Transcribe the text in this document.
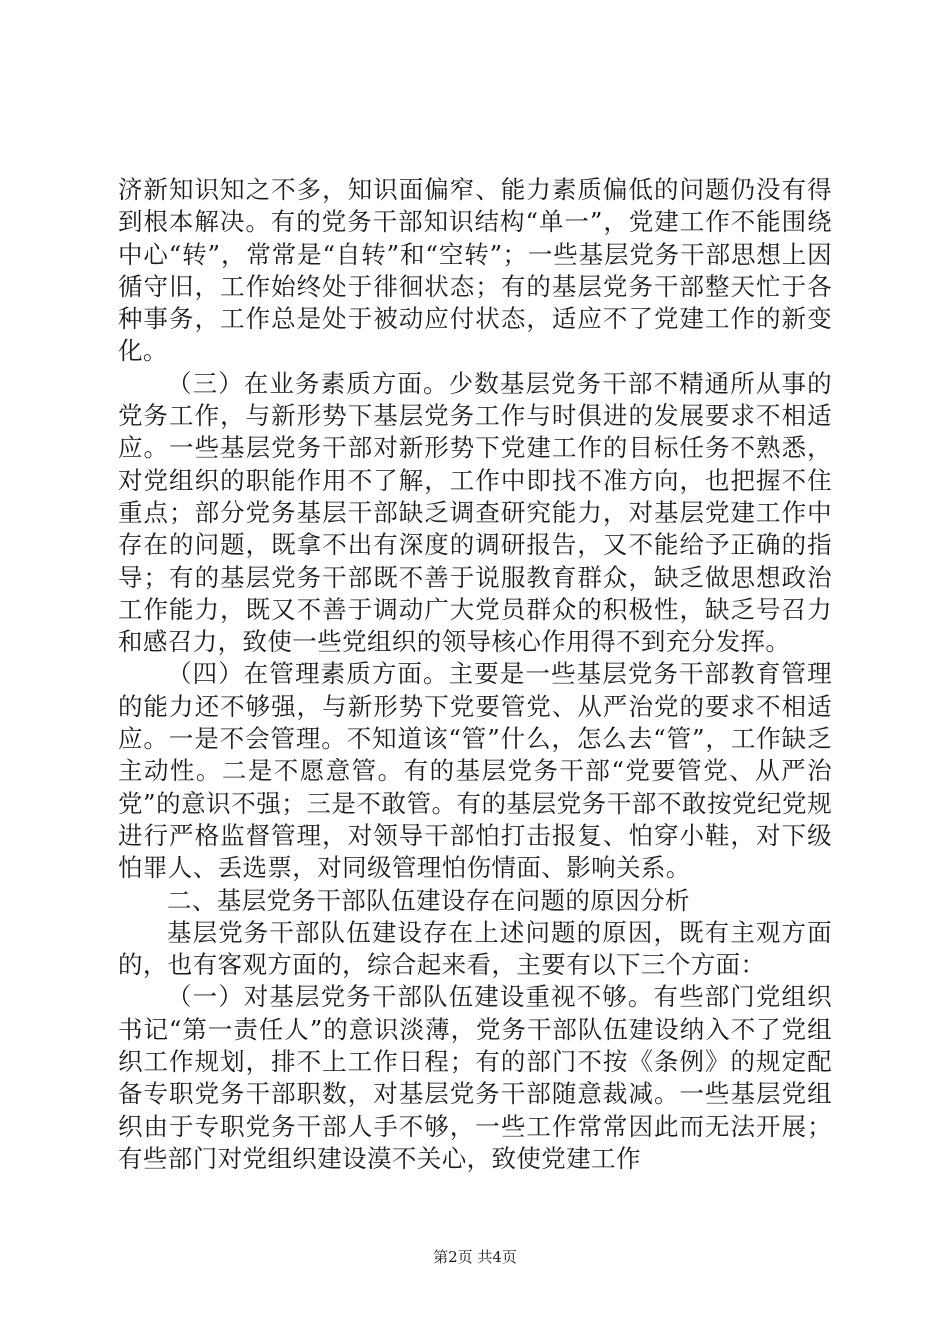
济新知识知之不多，知识面偏窄、能力素质偏低的问题仍没有得到根本解决。有的党务干部知识结构“单一”，党建工作不能围绕中心“转”，常常是“自转”和“空转”；一些基层党务干部思想上因循守旧，工作始终处于徘徊状态；有的基层党务干部整天忙于各种事务，工作总是处于被动应付状态，适应不了党建工作的新变化。

（三）在业务素质方面。少数基层党务干部不精通所从事的党务工作，与新形势下基层党务工作与时俱进的发展要求不相适应。一些基层党务干部对新形势下党建工作的目标任务不熟悉，对党组织的职能作用不了解，工作中即找不准方向，也把握不住重点；部分党务基层干部缺乏调查研究能力，对基层党建工作中存在的问题，既拿不出有深度的调研报告，又不能给予正确的指导；有的基层党务干部既不善于说服教育群众，缺乏做思想政治工作能力，既又不善于调动广大党员群众的积极性，缺乏号召力和感召力，致使一些党组织的领导核心作用得不到充分发挥。

（四）在管理素质方面。主要是一些基层党务干部教育管理的能力还不够强，与新形势下党要管党、从严治党的要求不相适应。一是不会管理。不知道该“管”什么，怎么去“管”，工作缺乏主动性。二是不愿意管。有的基层党务干部“党要管党、从严治党”的意识不强；三是不敢管。有的基层党务干部不敢按党纪党规进行严格监督管理，对领导干部怕打击报复、怕穿小鞋，对下级怕罪人、丢选票，对同级管理怕伤情面、影响关系。

二、基层党务干部队伍建设存在问题的原因分析

基层党务干部队伍建设存在上述问题的原因，既有主观方面的，也有客观方面的，综合起来看，主要有以下三个方面：

（一）对基层党务干部队伍建设重视不够。有些部门党组织书记“第一责任人”的意识淡薄，党务干部队伍建设纳入不了党组织工作规划，排不上工作日程；有的部门不按《条例》的规定配备专职党务干部职数，对基层党务干部随意裁减。一些基层党组织由于专职党务干部人手不够，一些工作常常因此而无法开展；有些部门对党组织建设漠不关心，致使党建工作

第2页 共4页
